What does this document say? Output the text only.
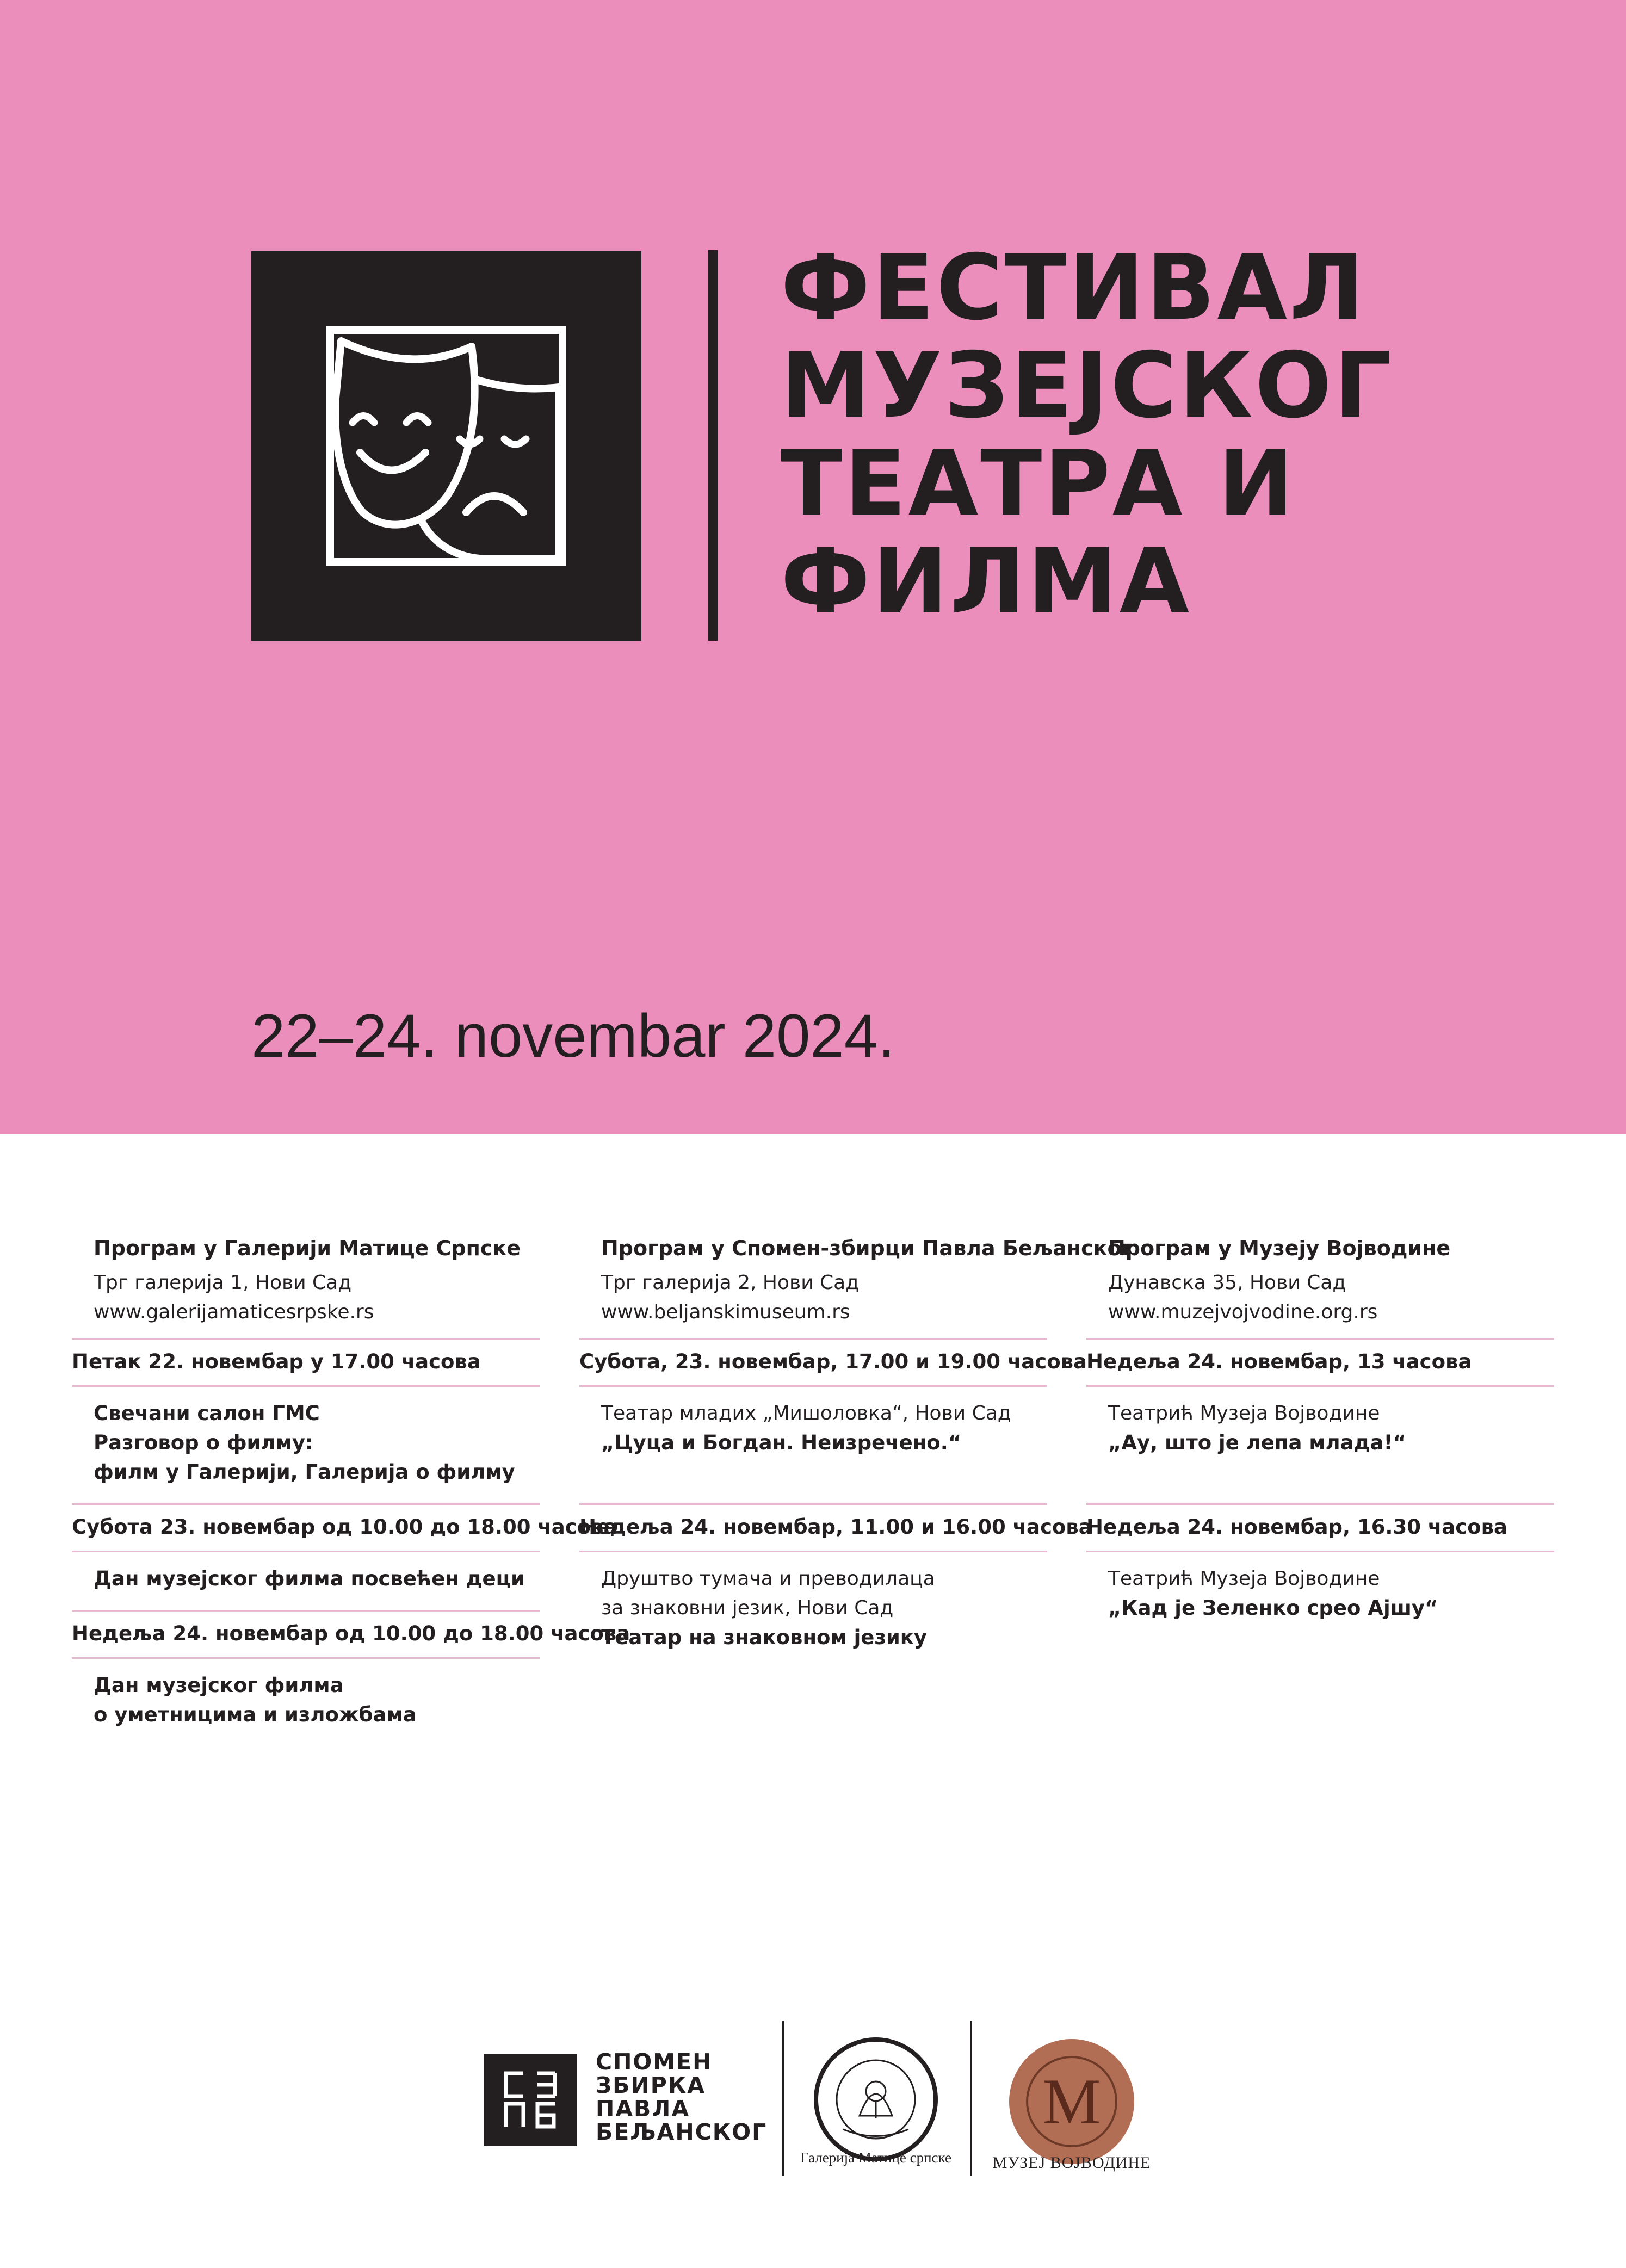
ФЕСТИВАЛ
МУЗЕЈСКОГ
ТЕАТРА И
ФИЛМА
22–24. novembar 2024.
Програм у Галерији Матице Српске
Трг галерија 1, Нови Сад
www.galerijamaticesrpske.rs
Петак 22. новембар у 17.00 часова
Свечани салон ГМС
Разговор о филму:
филм у Галерији, Галерија о филму
Субота 23. новембар од 10.00 до 18.00 часова
Дан музејског филма посвећен деци
Недеља 24. новембар од 10.00 до 18.00 часова
Дан музејског филма
о уметницима и изложбама
Програм у Спомен-збирци Павла Бељанског
Трг галерија 2, Нови Сад
www.beljanskimuseum.rs
Субота, 23. новембар, 17.00 и 19.00 часова
Театар младих „Мишоловка“, Нови Сад
„Цуца и Богдан. Неизречено.“
Недеља 24. новембар, 11.00 и 16.00 часова
Друштво тумача и преводилаца
за знаковни језик, Нови Сад
Театар на знаковном језику
Програм у Музеју Војводине
Дунавска 35, Нови Сад
www.muzejvojvodine.org.rs
Недеља 24. новембар, 13 часова
Театрић Музеја Војводине
„Ау, што је лепа млада!“
Недеља 24. новембар, 16.30 часова
Театрић Музеја Војводине
„Кад је Зеленко срео Ајшу“
СПОМЕН
ЗБИРКА
ПАВЛА
БЕЉАНСКОГ
Галерија Матице српске
М
МУЗЕЈ ВОЈВОДИНЕ
